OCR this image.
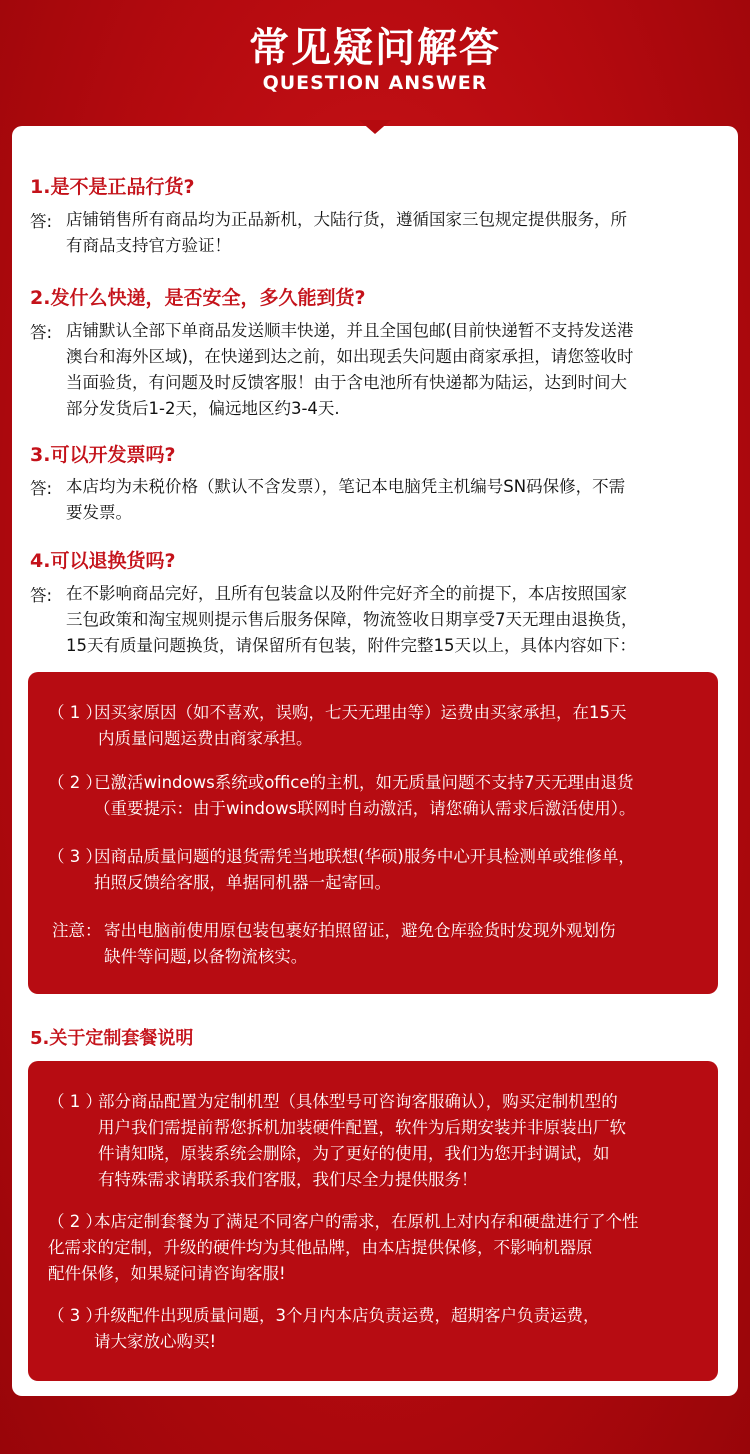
常见疑问解答
QUESTION ANSWER
1.是不是正品行货?
答: 店铺销售所有商品均为正品新机，大陆行货，遵循国家三包规定提供服务，所
有商品支持官方验证！
2.发什么快递，是否安全，多久能到货?
答: 店铺默认全部下单商品发送顺丰快递，并且全国包邮(目前快递暂不支持发送港
澳台和海外区域)，在快递到达之前，如出现丢失问题由商家承担，请您签收时
当面验货，有问题及时反馈客服！由于含电池所有快递都为陆运，达到时间大
部分发货后1-2天，偏远地区约3-4天.
3.可以开发票吗?
答: 本店均为未税价格（默认不含发票），笔记本电脑凭主机编号SN码保修，不需
要发票。
4.可以退换货吗?
答: 在不影响商品完好，且所有包装盒以及附件完好齐全的前提下，本店按照国家
三包政策和淘宝规则提示售后服务保障，物流签收日期享受7天无理由退换货，
15天有质量问题换货，请保留所有包装，附件完整15天以上，具体内容如下：
（ 1 ）
因买家原因（如不喜欢，误购，七天无理由等）运费由买家承担，在15天
内质量问题运费由商家承担。
（ 2 ）
已激活windows系统或office的主机，如无质量问题不支持7天无理由退货
（重要提示：由于windows联网时自动激活，请您确认需求后激活使用）。
（ 3 ）
因商品质量问题的退货需凭当地联想(华硕)服务中心开具检测单或维修单，
拍照反馈给客服，单据同机器一起寄回。
注意： 寄出电脑前使用原包装包裹好拍照留证，避免仓库验货时发现外观划伤
缺件等问题,以备物流核实。
5.关于定制套餐说明
（ 1 ）
部分商品配置为定制机型（具体型号可咨询客服确认），购买定制机型的
用户我们需提前帮您拆机加装硬件配置，软件为后期安装并非原装出厂软
件请知晓，原装系统会删除，为了更好的使用，我们为您开封调试，如
有特殊需求请联系我们客服，我们尽全力提供服务！
（ 2 ）
本店定制套餐为了满足不同客户的需求，在原机上对内存和硬盘进行了个性
化需求的定制，升级的硬件均为其他品牌，由本店提供保修，不影响机器原
配件保修，如果疑问请咨询客服!
（ 3 ）
升级配件出现质量问题，3个月内本店负责运费，超期客户负责运费，
请大家放心购买!
